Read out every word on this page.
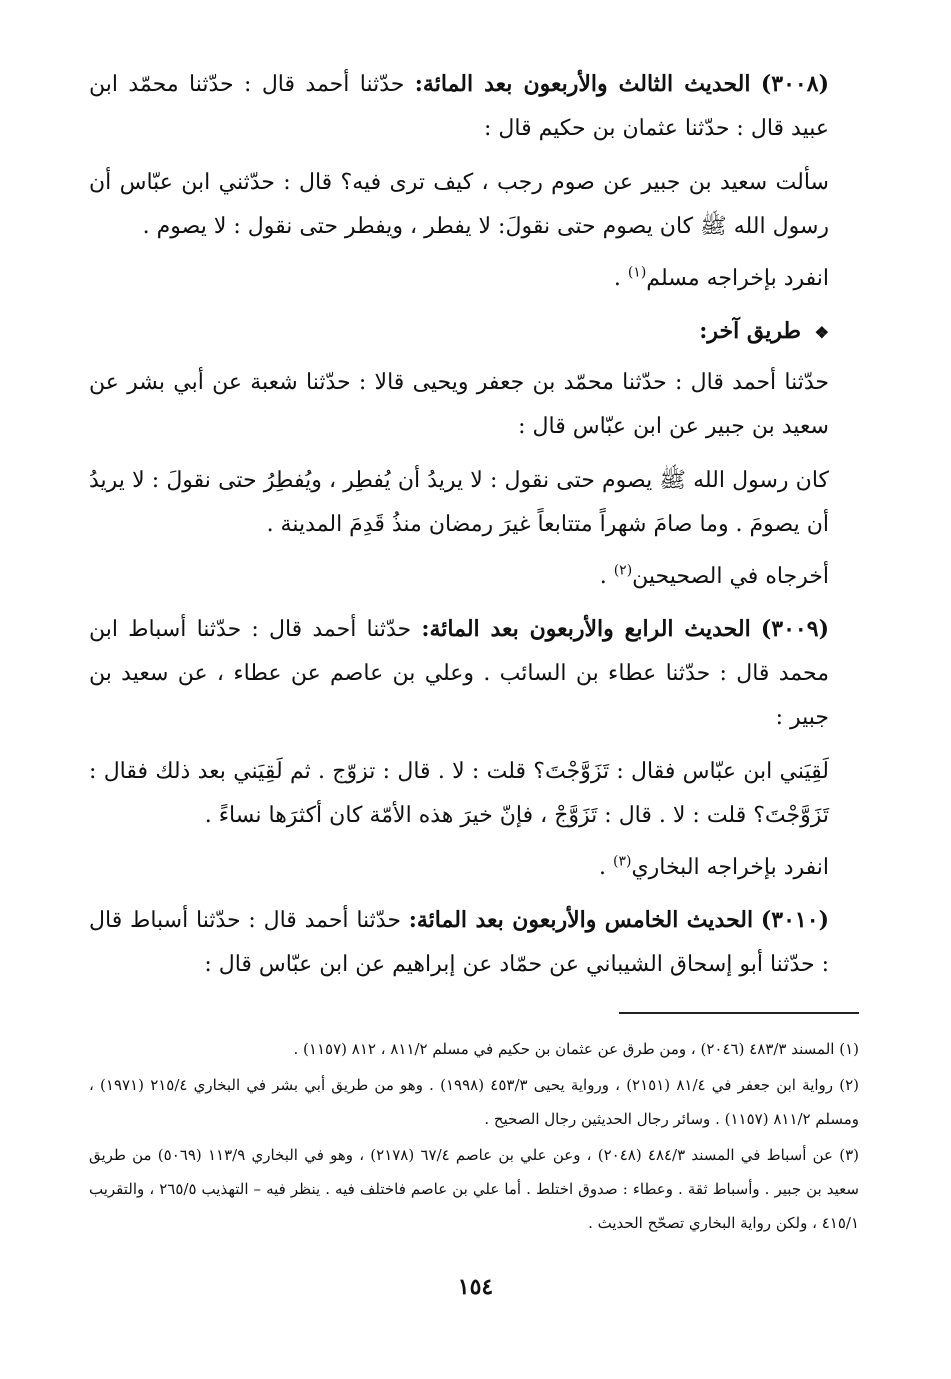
(٣٠٠٨) الحديث الثالث والأربعون بعد المائة: حدّثنا أحمد قال : حدّثنا محمّد ابن عبيد قال : حدّثنا عثمان بن حكيم قال :

سألت سعيد بن جبير عن صوم رجب ، كيف ترى فيه؟ قال : حدّثني ابن عبّاس أن رسول الله ﷺ كان يصوم حتى نقولَ: لا يفطر ، ويفطر حتى نقول : لا يصوم .

انفرد بإخراجه مسلم$^{(١)}$ .

❖ طريق آخر:

حدّثنا أحمد قال : حدّثنا محمّد بن جعفر ويحيى قالا : حدّثنا شعبة عن أبي بشر عن سعيد بن جبير عن ابن عبّاس قال :

كان رسول الله ﷺ يصوم حتى نقول : لا يريدُ أن يُفطِر ، ويُفطِرُ حتى نقولَ : لا يريدُ أن يصومَ . وما صامَ شهراً متتابعاً غيرَ رمضان منذُ قَدِمَ المدينة .

أخرجاه في الصحيحين$^{(٢)}$ .

(٣٠٠٩) الحديث الرابع والأربعون بعد المائة: حدّثنا أحمد قال : حدّثنا أسباط ابن محمد قال : حدّثنا عطاء بن السائب . وعلي بن عاصم عن عطاء ، عن سعيد بن جبير :

لَقِيَني ابن عبّاس فقال : تَزَوَّجْتَ؟ قلت : لا . قال : تزوّج . ثم لَقِيَني بعد ذلك فقال : تَزَوَّجْتَ؟ قلت : لا . قال : تَزَوَّجْ ، فإنّ خيرَ هذه الأمّة كان أكثرَها نساءً .

انفرد بإخراجه البخاري$^{(٣)}$ .

(٣٠١٠) الحديث الخامس والأربعون بعد المائة: حدّثنا أحمد قال : حدّثنا أسباط قال : حدّثنا أبو إسحاق الشيباني عن حمّاد عن إبراهيم عن ابن عبّاس قال :

(١) المسند ٤٨٣/٣ (٢٠٤٦) ، ومن طرق عن عثمان بن حكيم في مسلم ٨١١/٢ ، ٨١٢ (١١٥٧) .

(٢) رواية ابن جعفر في ٨١/٤ (٢١٥١) ، ورواية يحيى ٤٥٣/٣ (١٩٩٨) . وهو من طريق أبي بشر في البخاري ٢١٥/٤ (١٩٧١) ، ومسلم ٨١١/٢ (١١٥٧) . وسائر رجال الحديثين رجال الصحيح .

(٣) عن أسباط في المسند ٤٨٤/٣ (٢٠٤٨) ، وعن علي بن عاصم ٦٧/٤ (٢١٧٨) ، وهو في البخاري ١١٣/٩ (٥٠٦٩) من طريق سعيد بن جبير . وأسباط ثقة . وعطاء : صدوق اختلط . أما علي بن عاصم فاختلف فيه . ينظر فيه – التهذيب ٢٦٥/٥ ، والتقريب ٤١٥/١ ، ولكن رواية البخاري تصحّح الحديث .

١٥٤
